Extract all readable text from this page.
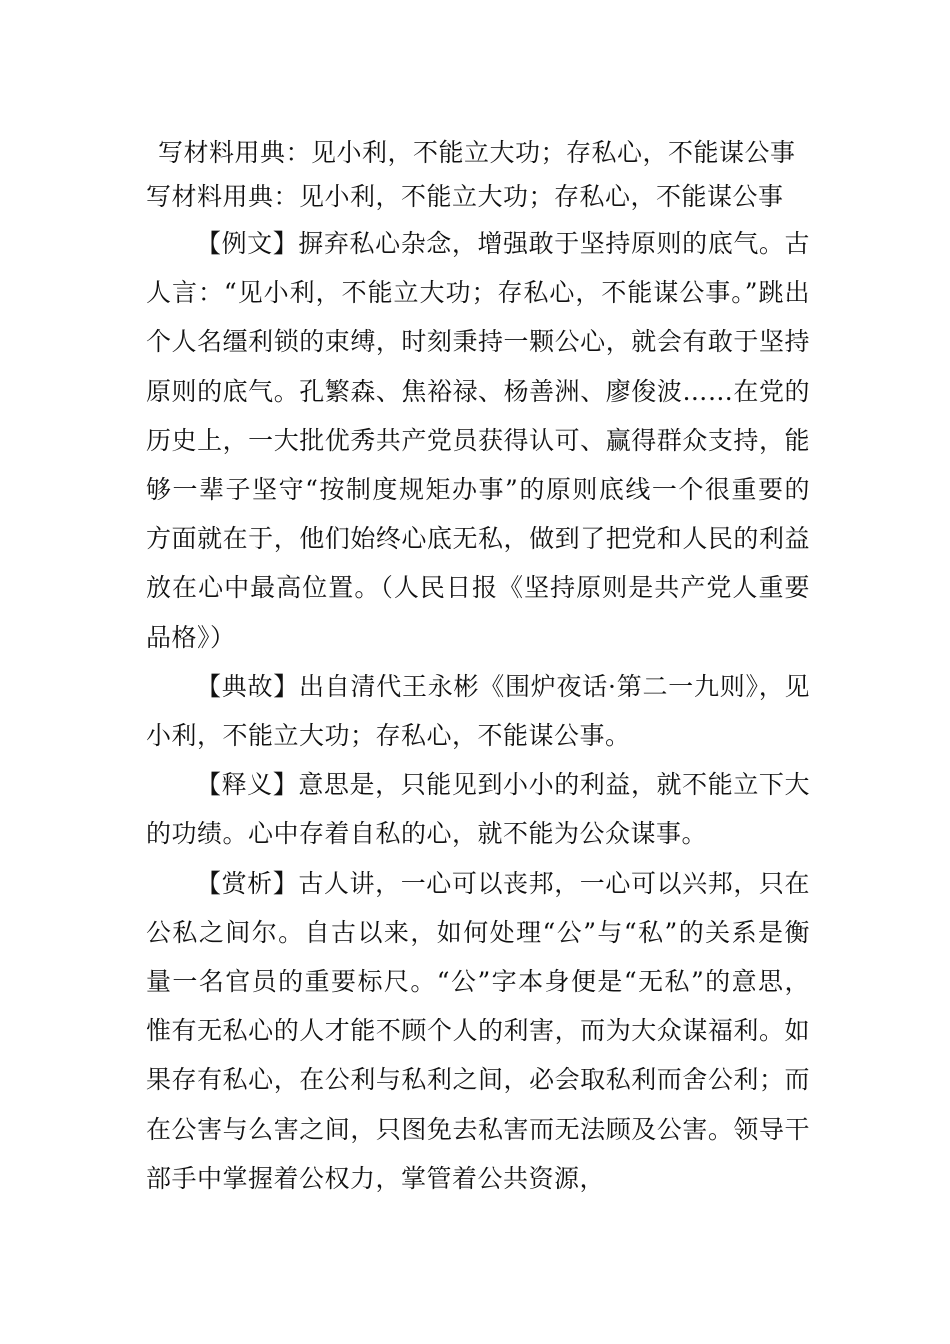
写材料用典：见小利，不能立大功；存私心，不能谋公事
写材料用典：见小利，不能立大功；存私心，不能谋公事

【例文】摒弃私心杂念，增强敢于坚持原则的底气。古人言：“见小利，不能立大功；存私心，不能谋公事。”跳出个人名缰利锁的束缚，时刻秉持一颗公心，就会有敢于坚持原则的底气。孔繁森、焦裕禄、杨善洲、廖俊波……在党的历史上，一大批优秀共产党员获得认可、赢得群众支持，能够一辈子坚守“按制度规矩办事”的原则底线一个很重要的方面就在于，他们始终心底无私，做到了把党和人民的利益放在心中最高位置。（人民日报《坚持原则是共产党人重要品格》）

【典故】出自清代王永彬《围炉夜话·第二一九则》，见小利，不能立大功；存私心，不能谋公事。

【释义】意思是，只能见到小小的利益，就不能立下大的功绩。心中存着自私的心，就不能为公众谋事。

【赏析】古人讲，一心可以丧邦，一心可以兴邦，只在公私之间尔。自古以来，如何处理“公”与“私”的关系是衡量一名官员的重要标尺。“公”字本身便是“无私”的意思，惟有无私心的人才能不顾个人的利害，而为大众谋福利。如果存有私心，在公利与私利之间，必会取私利而舍公利；而在公害与么害之间，只图免去私害而无法顾及公害。领导干部手中掌握着公权力，掌管着公共资源，
